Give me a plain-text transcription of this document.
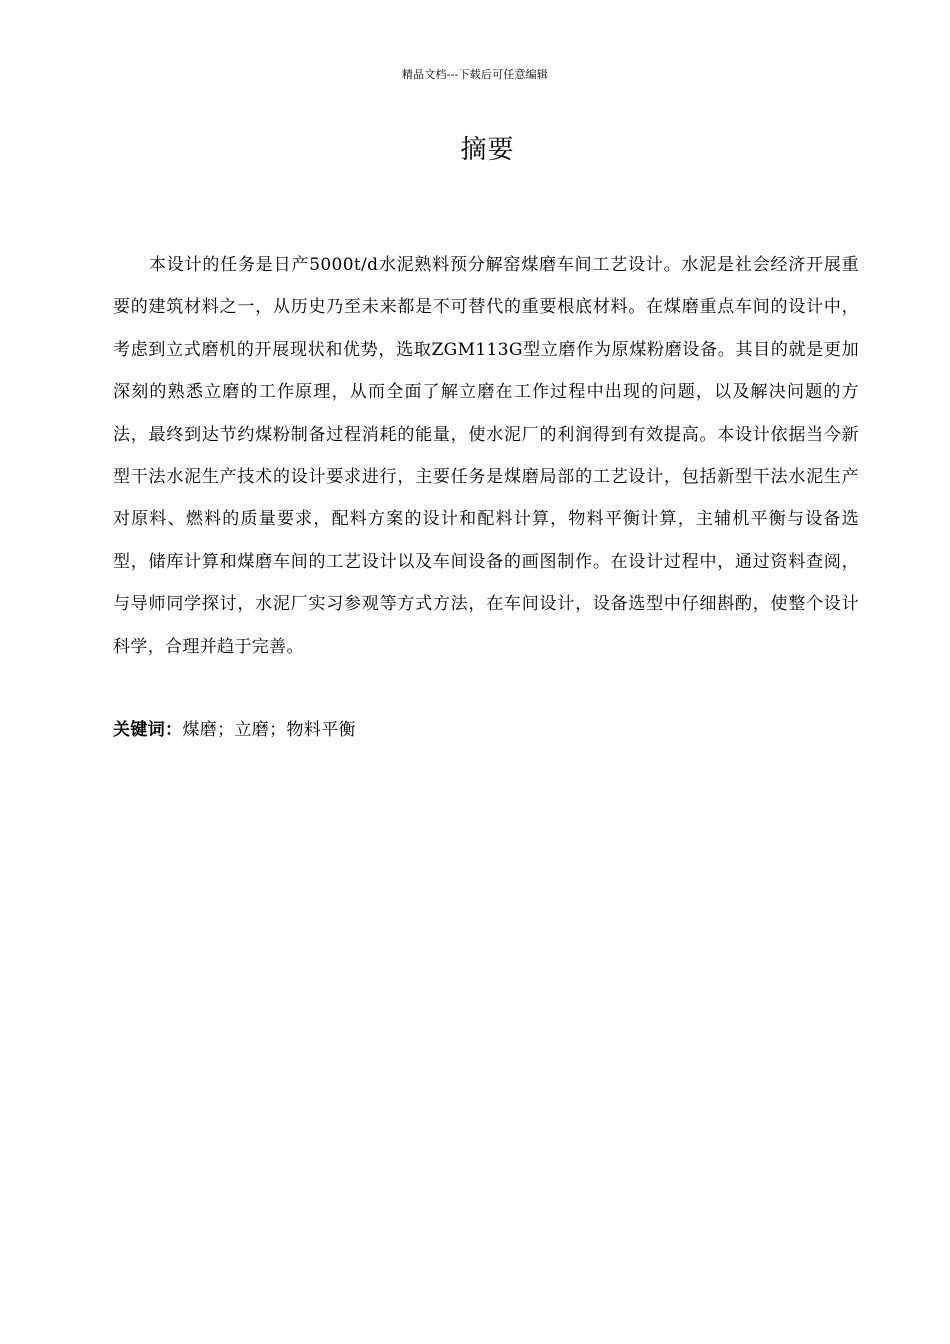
精品文档---下载后可任意编辑
摘要

本设计的任务是日产5000t/d水泥熟料预分解窑煤磨车间工艺设计。水泥是社会经济开展重要的建筑材料之一，从历史乃至未来都是不可替代的重要根底材料。在煤磨重点车间的设计中，考虑到立式磨机的开展现状和优势，选取ZGM113G型立磨作为原煤粉磨设备。其目的就是更加深刻的熟悉立磨的工作原理，从而全面了解立磨在工作过程中出现的问题，以及解决问题的方法，最终到达节约煤粉制备过程消耗的能量，使水泥厂的利润得到有效提高。本设计依据当今新型干法水泥生产技术的设计要求进行，主要任务是煤磨局部的工艺设计，包括新型干法水泥生产对原料、燃料的质量要求，配料方案的设计和配料计算，物料平衡计算，主辅机平衡与设备选型，储库计算和煤磨车间的工艺设计以及车间设备的画图制作。在设计过程中，通过资料查阅，与导师同学探讨，水泥厂实习参观等方式方法，在车间设计，设备选型中仔细斟酌，使整个设计科学，合理并趋于完善。

关键词：煤磨；立磨；物料平衡
